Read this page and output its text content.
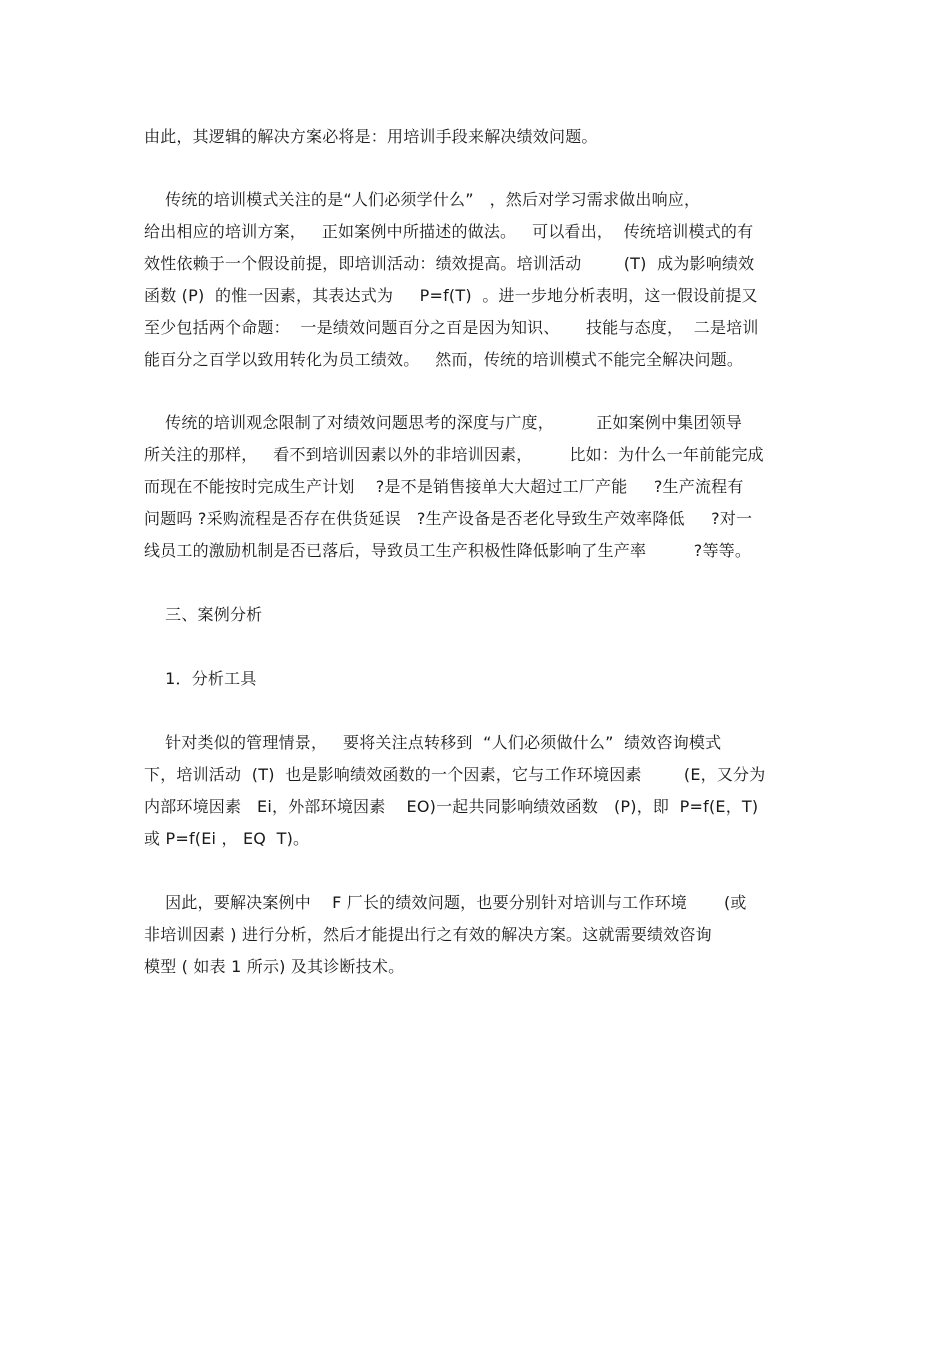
由此，其逻辑的解决方案必将是：用培训手段来解决绩效问题。
传统的培训模式关注的是“人们必须学什么”   ，然后对学习需求做出响应，
给出相应的培训方案，   正如案例中所描述的做法。   可以看出，  传统培训模式的有
效性依赖于一个假设前提，即培训活动：绩效提高。培训活动        (T)  成为影响绩效
函数 (P)  的惟一因素，其表达式为     P=f(T)  。进一步地分析表明，这一假设前提又
至少包括两个命题：  一是绩效问题百分之百是因为知识、     技能与态度，  二是培训
能百分之百学以致用转化为员工绩效。   然而，传统的培训模式不能完全解决问题。
传统的培训观念限制了对绩效问题思考的深度与广度，        正如案例中集团领导
所关注的那样，   看不到培训因素以外的非培训因素，       比如：为什么一年前能完成
而现在不能按时完成生产计划    ?是不是销售接单大大超过工厂产能     ?生产流程有
问题吗 ?采购流程是否存在供货延误   ?生产设备是否老化导致生产效率降低     ?对一
线员工的激励机制是否已落后，导致员工生产积极性降低影响了生产率         ?等等。
三、案例分析
1．分析工具
针对类似的管理情景，   要将关注点转移到  “人们必须做什么”  绩效咨询模式
下，培训活动  (T)  也是影响绩效函数的一个因素，它与工作环境因素        (E，又分为
内部环境因素   Ei，外部环境因素    EO)一起共同影响绩效函数   (P)，即  P=f(E，T)
或 P=f(Ei ， EQ  T)。
因此，要解决案例中    F 厂长的绩效问题，也要分别针对培训与工作环境       (或
非培训因素 ) 进行分析，然后才能提出行之有效的解决方案。这就需要绩效咨询
模型 ( 如表 1 所示) 及其诊断技术。
